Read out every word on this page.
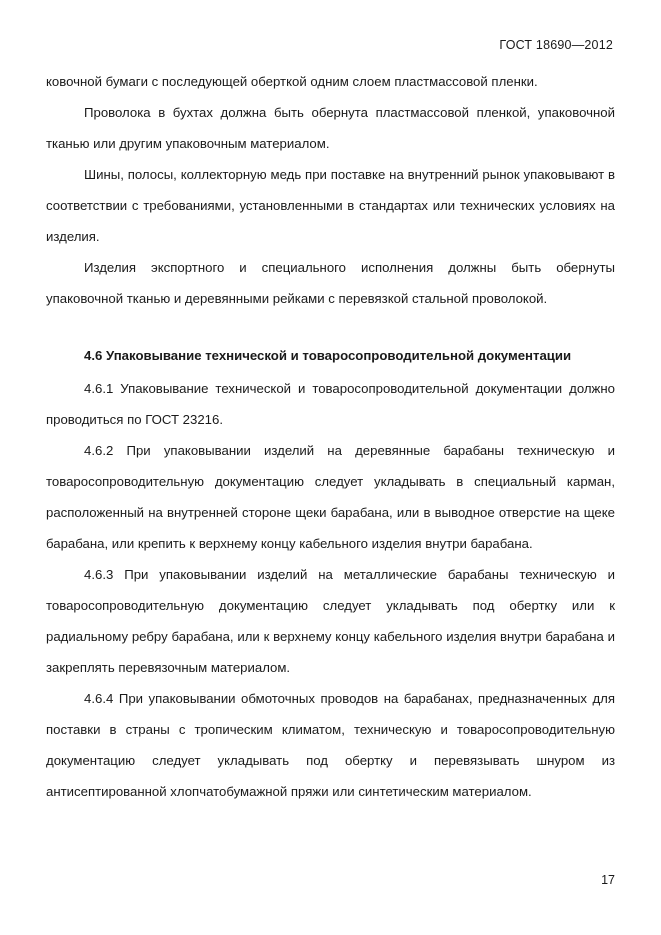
ГОСТ 18690—2012

ковочной бумаги с последующей оберткой одним слоем пластмассовой пленки.

Проволока в бухтах должна быть обернута пластмассовой пленкой, упаковочной тканью или другим упаковочным материалом.

Шины, полосы, коллекторную медь при поставке на внутренний рынок упаковывают в соответствии с требованиями, установленными в стандартах или технических условиях на изделия.

Изделия экспортного и специального исполнения должны быть обернуты упаковочной тканью и деревянными рейками с перевязкой стальной проволокой.

4.6 Упаковывание технической и товаросопроводительной документации

4.6.1 Упаковывание технической и товаросопроводительной документации должно проводиться по ГОСТ 23216.

4.6.2 При упаковывании изделий на деревянные барабаны техническую и товаросопроводительную документацию следует укладывать в специальный карман, расположенный на внутренней стороне щеки барабана, или в выводное отверстие на щеке барабана, или крепить к верхнему концу кабельного изделия внутри барабана.

4.6.3 При упаковывании изделий на металлические барабаны техническую и товаросопроводительную документацию следует укладывать под обертку или к радиальному ребру барабана, или к верхнему концу кабельного изделия внутри барабана и закреплять перевязочным материалом.

4.6.4 При упаковывании обмоточных проводов на барабанах, предназначенных для поставки в страны с тропическим климатом, техническую и товаросопроводительную документацию следует укладывать под обертку и перевязывать шнуром из антисептированной хлопчатобумажной пряжи или синтетическим материалом.

17
